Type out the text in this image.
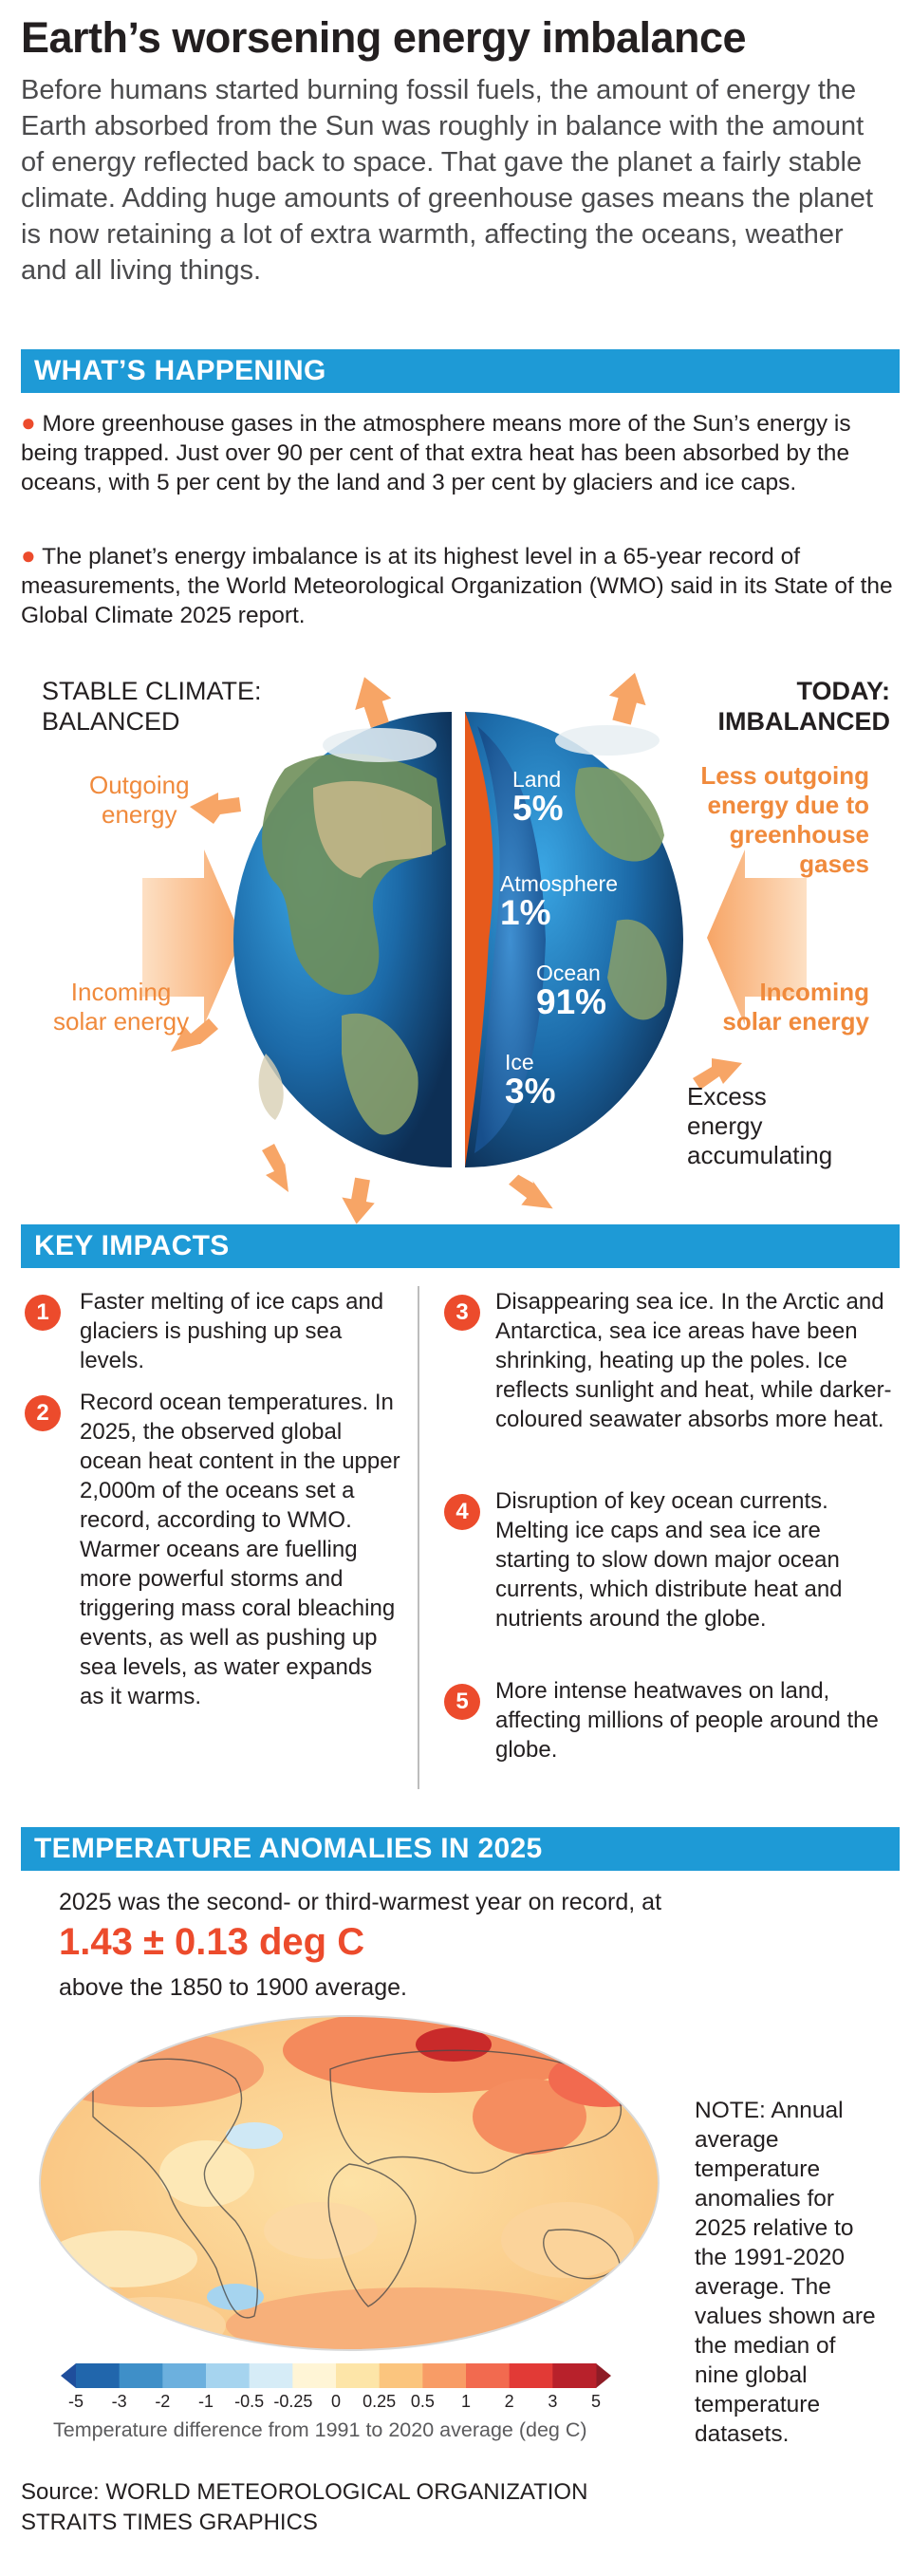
Earth’s worsening energy imbalance
Before humans started burning fossil fuels, the amount of energy the Earth absorbed from the Sun was roughly in balance with the amount of energy reflected back to space. That gave the planet a fairly stable climate. Adding huge amounts of greenhouse gases means the planet is now retaining a lot of extra warmth, affecting the oceans, weather and all living things.
WHAT’S HAPPENING
● More greenhouse gases in the atmosphere means more of the Sun’s energy is being trapped. Just over 90 per cent of that extra heat has been absorbed by the oceans, with 5 per cent by the land and 3 per cent by glaciers and ice caps.
● The planet’s energy imbalance is at its highest level in a 65-year record of measurements, the World Meteorological Organization (WMO) said in its State of the Global Climate 2025 report.
STABLE CLIMATE:
BALANCED
TODAY:
IMBALANCED
Outgoing
energy
Incoming
solar energy
Less outgoing
energy due to
greenhouse
gases
Incoming
solar energy
Excess
energy
accumulating
Land
5%
Atmosphere
1%
Ocean
91%
Ice
3%
KEY IMPACTS
1	Faster melting of ice caps and glaciers is pushing up sea levels.
2	Record ocean temperatures. In 2025, the observed global ocean heat content in the upper 2,000m of the oceans set a record, according to WMO. Warmer oceans are fuelling more powerful storms and triggering mass coral bleaching events, as well as pushing up sea levels, as water expands as it warms.
3	Disappearing sea ice. In the Arctic and Antarctica, sea ice areas have been shrinking, heating up the poles. Ice reflects sunlight and heat, while darker-coloured seawater absorbs more heat.
4	Disruption of key ocean currents. Melting ice caps and sea ice are starting to slow down major ocean currents, which distribute heat and nutrients around the globe.
5	More intense heatwaves on land, affecting millions of people around the globe.
TEMPERATURE ANOMALIES IN 2025
2025 was the second- or third-warmest year on record, at
1.43 ± 0.13 deg C
above the 1850 to 1900 average.
NOTE: Annual average temperature anomalies for 2025 relative to the 1991-2020 average. The values shown are the median of nine global temperature datasets.
-5	-3	-2	-1	-0.5 -0.25	0	0.25 0.5	1	2	3	5
Temperature difference from 1991 to 2020 average (deg C)
Source: WORLD METEOROLOGICAL ORGANIZATION
STRAITS TIMES GRAPHICS
